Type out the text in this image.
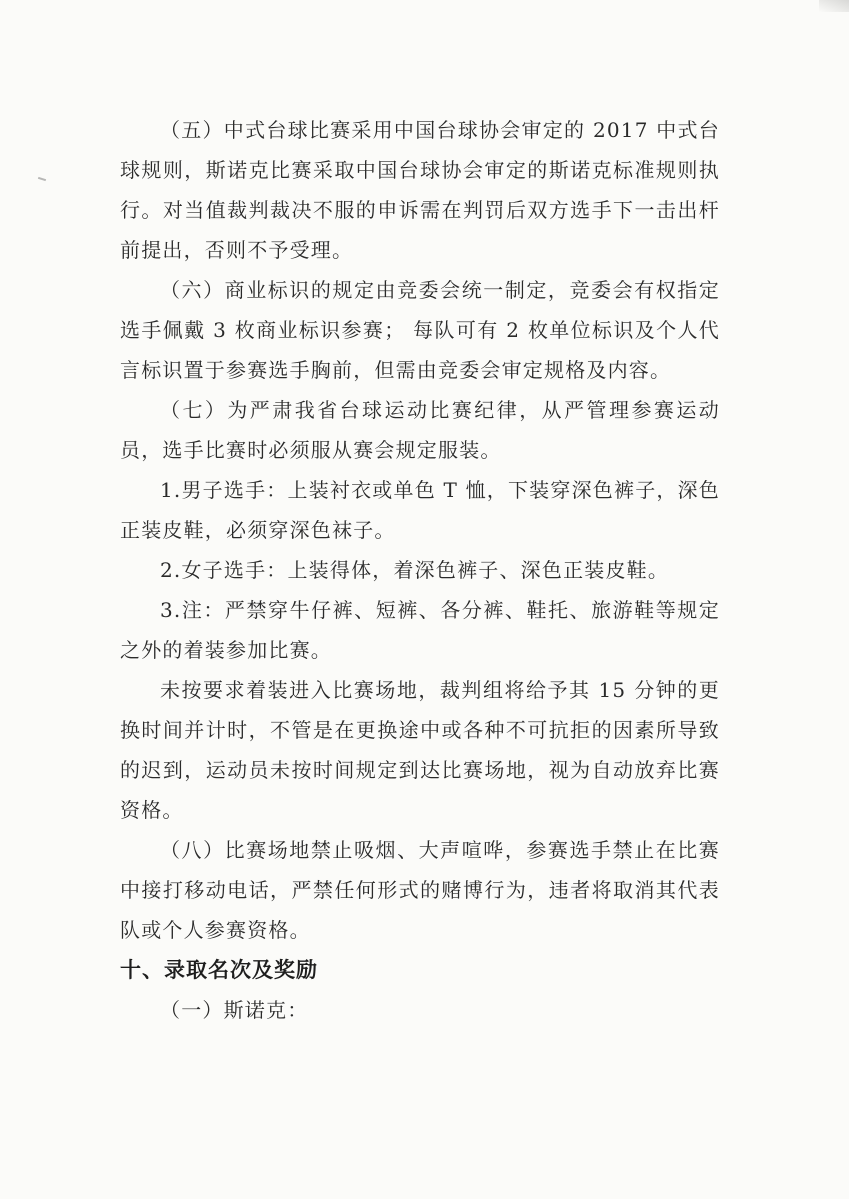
（五）中式台球比赛采用中国台球协会审定的 2017 中式台球规则，斯诺克比赛采取中国台球协会审定的斯诺克标准规则执行。对当值裁判裁决不服的申诉需在判罚后双方选手下一击出杆前提出，否则不予受理。

（六）商业标识的规定由竞委会统一制定，竞委会有权指定选手佩戴 3 枚商业标识参赛； 每队可有 2 枚单位标识及个人代言标识置于参赛选手胸前，但需由竞委会审定规格及内容。

（七）为严肃我省台球运动比赛纪律，从严管理参赛运动员，选手比赛时必须服从赛会规定服装。

1.男子选手：上装衬衣或单色 T 恤，下装穿深色裤子，深色正装皮鞋，必须穿深色袜子。

2.女子选手：上装得体，着深色裤子、深色正装皮鞋。

3.注：严禁穿牛仔裤、短裤、各分裤、鞋托、旅游鞋等规定之外的着装参加比赛。

未按要求着装进入比赛场地，裁判组将给予其 15 分钟的更换时间并计时，不管是在更换途中或各种不可抗拒的因素所导致的迟到，运动员未按时间规定到达比赛场地，视为自动放弃比赛资格。

（八）比赛场地禁止吸烟、大声喧哗，参赛选手禁止在比赛中接打移动电话，严禁任何形式的赌博行为，违者将取消其代表队或个人参赛资格。

十、录取名次及奖励

（一）斯诺克：
